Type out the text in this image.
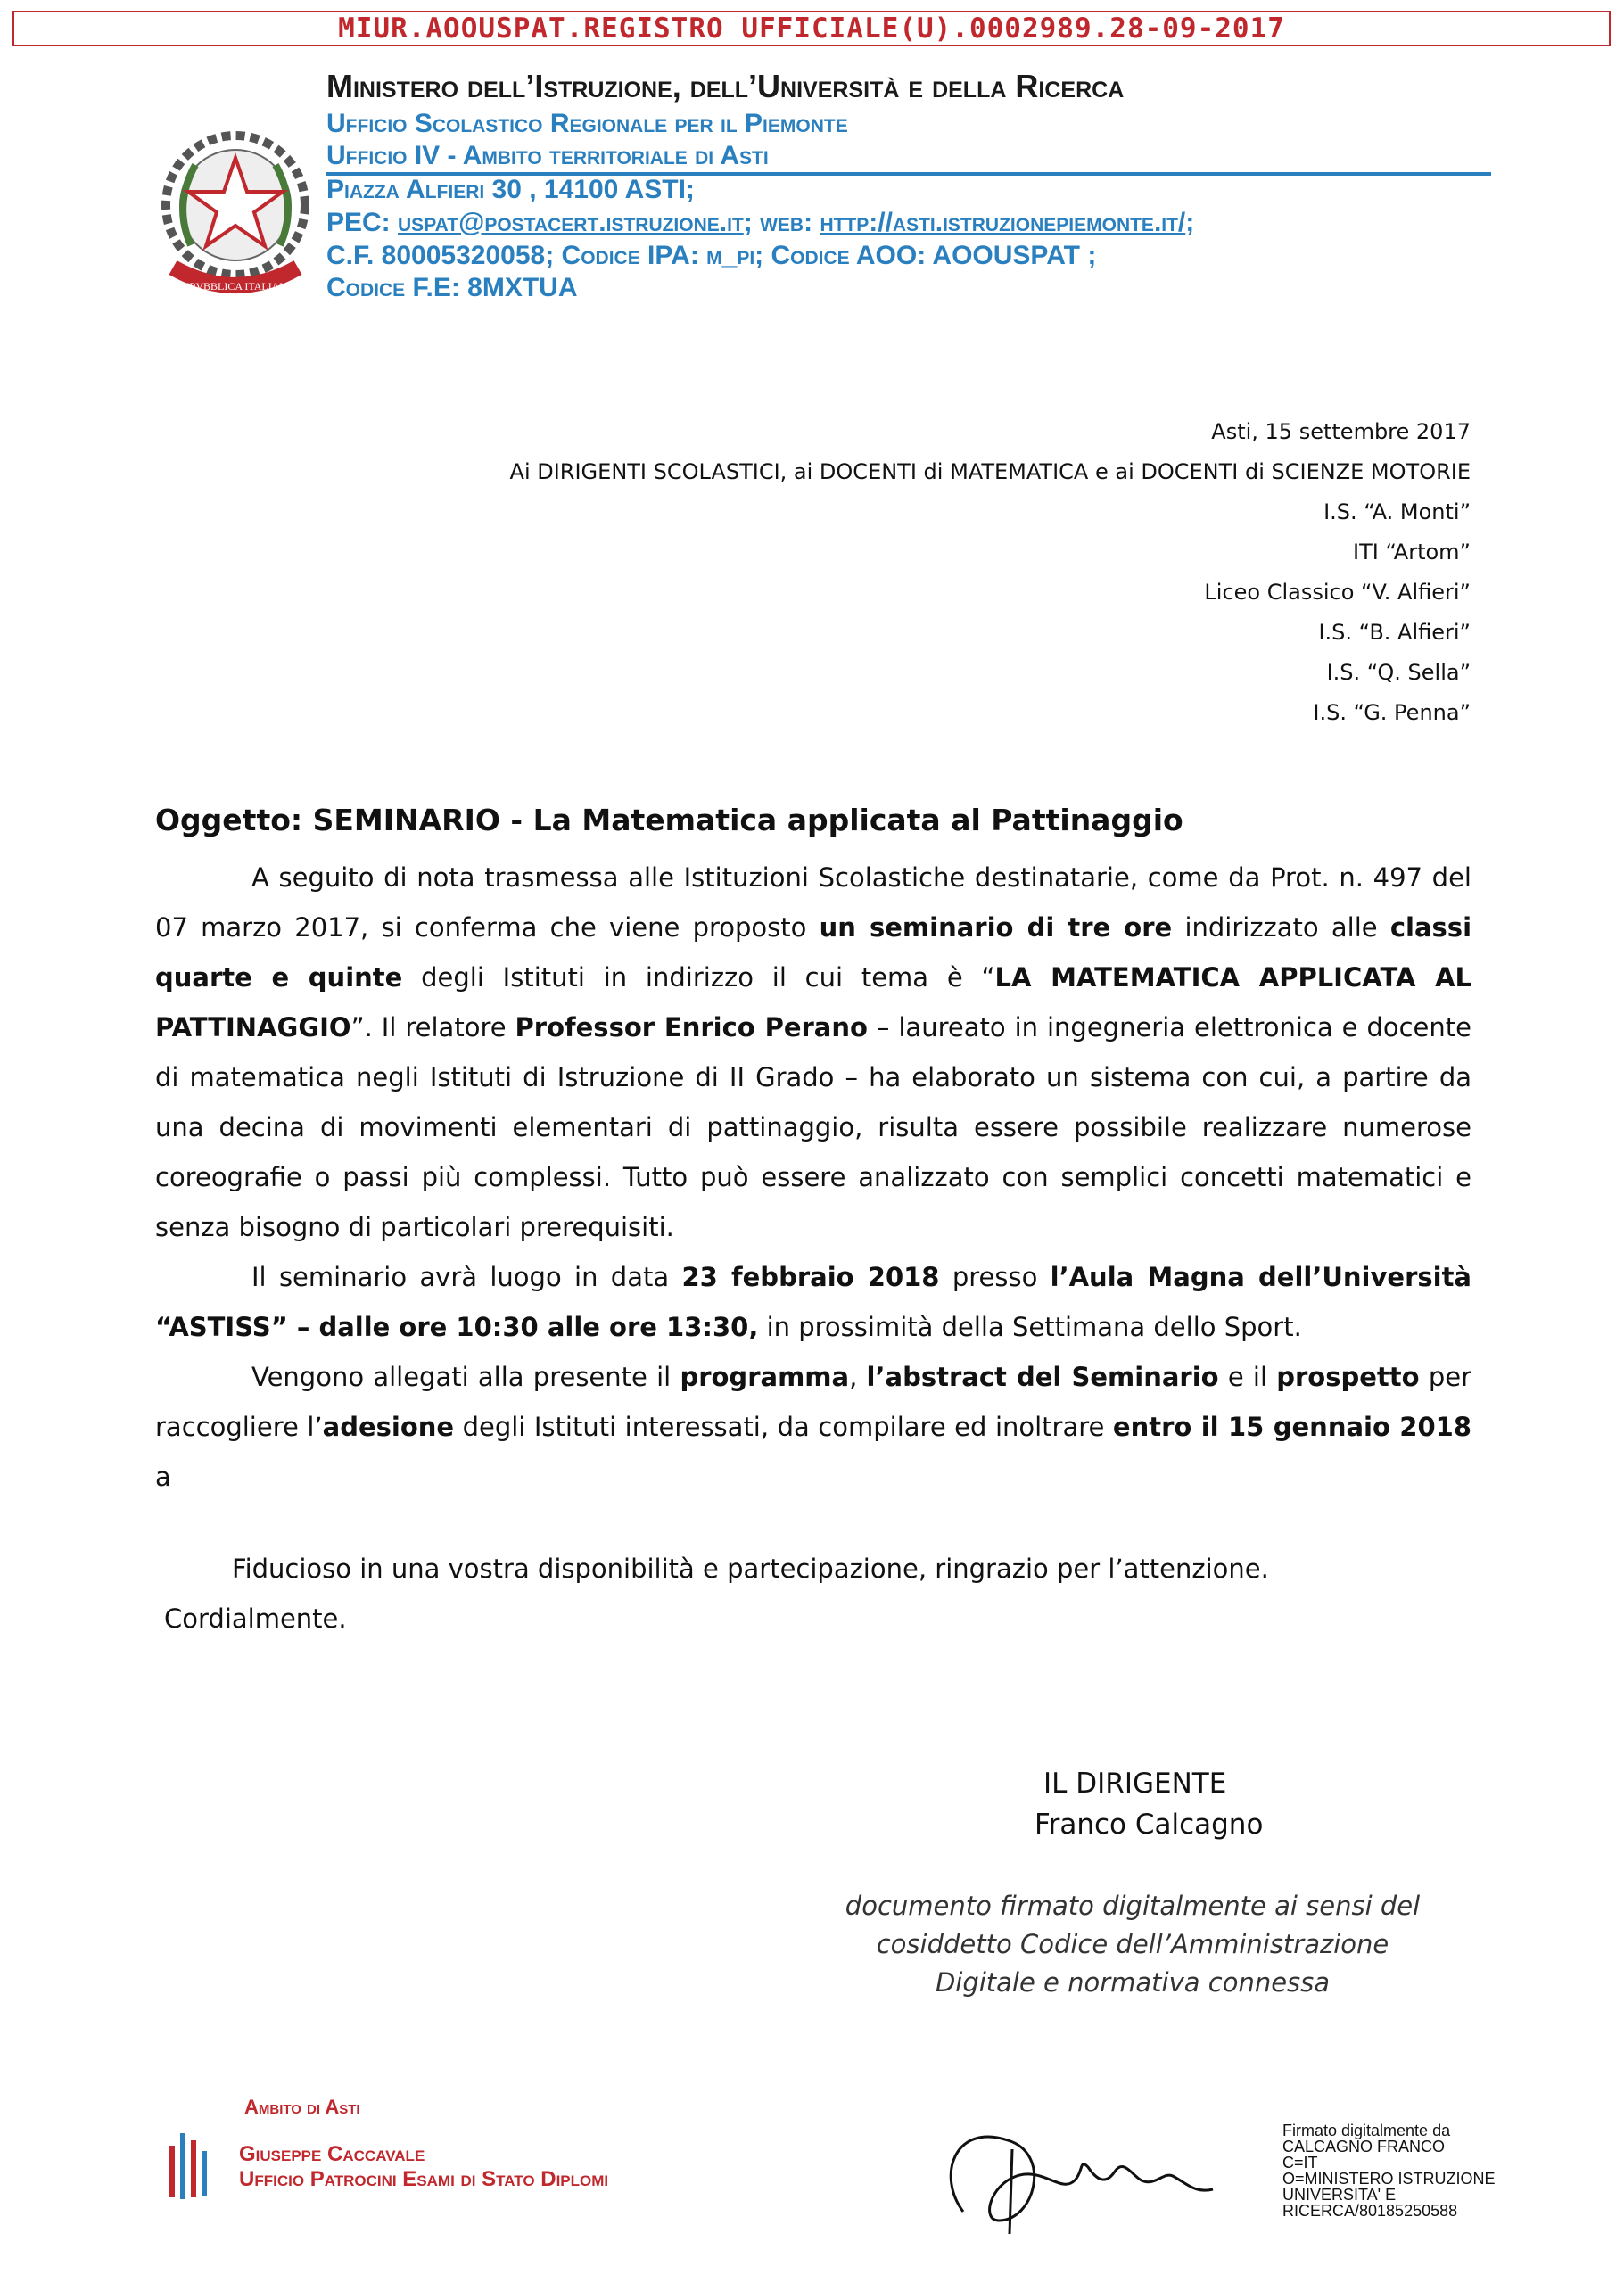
MIUR.AOOUSPAT.REGISTRO UFFICIALE(U).0002989.28-09-2017
REPVBBLICA ITALIANA
Ministero dell’Istruzione, dell’Università e della Ricerca
Ufficio Scolastico Regionale per il Piemonte
Ufficio IV - Ambito territoriale di Asti
Piazza Alfieri 30 , 14100 ASTI;
PEC: uspat@postacert.istruzione.it; web: http://asti.istruzionepiemonte.it/;
C.F. 80005320058; Codice IPA: m_pi; Codice AOO: AOOUSPAT ;
Codice F.E: 8MXTUA
Asti, 15 settembre 2017
Ai DIRIGENTI SCOLASTICI, ai DOCENTI di MATEMATICA e ai DOCENTI di SCIENZE MOTORIE
I.S. “A. Monti”
ITI “Artom”
Liceo Classico “V. Alfieri”
I.S. “B. Alfieri”
I.S. “Q. Sella”
I.S. “G. Penna”
Oggetto: SEMINARIO - La Matematica applicata al Pattinaggio

A seguito di nota trasmessa alle Istituzioni Scolastiche destinatarie, come da Prot. n. 497 del 07 marzo 2017, si conferma che viene proposto un seminario di tre ore indirizzato alle classi quarte e quinte degli Istituti in indirizzo il cui tema è “LA MATEMATICA APPLICATA AL PATTINAGGIO”. Il relatore Professor Enrico Perano – laureato in ingegneria elettronica e docente di matematica negli Istituti di Istruzione di II Grado – ha elaborato un sistema con cui, a partire da una decina di movimenti elementari di pattinaggio, risulta essere possibile realizzare numerose coreografie o passi più complessi. Tutto può essere analizzato con semplici concetti matematici e senza bisogno di particolari prerequisiti.

Il seminario avrà luogo in data 23 febbraio 2018 presso l’Aula Magna dell’Università “ASTISS” – dalle ore 10:30 alle ore 13:30, in prossimità della Settimana dello Sport.

Vengono allegati alla presente il programma, l’abstract del Seminario e il prospetto per raccogliere l’adesione degli Istituti interessati, da compilare ed inoltrare entro il 15 gennaio 2018 a

Fiducioso in una vostra disponibilità e partecipazione, ringrazio per l’attenzione.
Cordialmente.
IL DIRIGENTE
Franco Calcagno
documento firmato digitalmente ai sensi del cosiddetto Codice dell’Amministrazione Digitale e normativa connessa
Ambito di Asti
Giuseppe Caccavale
Ufficio Patrocini Esami di Stato Diplomi
Firmato digitalmente da
CALCAGNO FRANCO
C=IT
O=MINISTERO ISTRUZIONE
UNIVERSITA' E
RICERCA/80185250588
